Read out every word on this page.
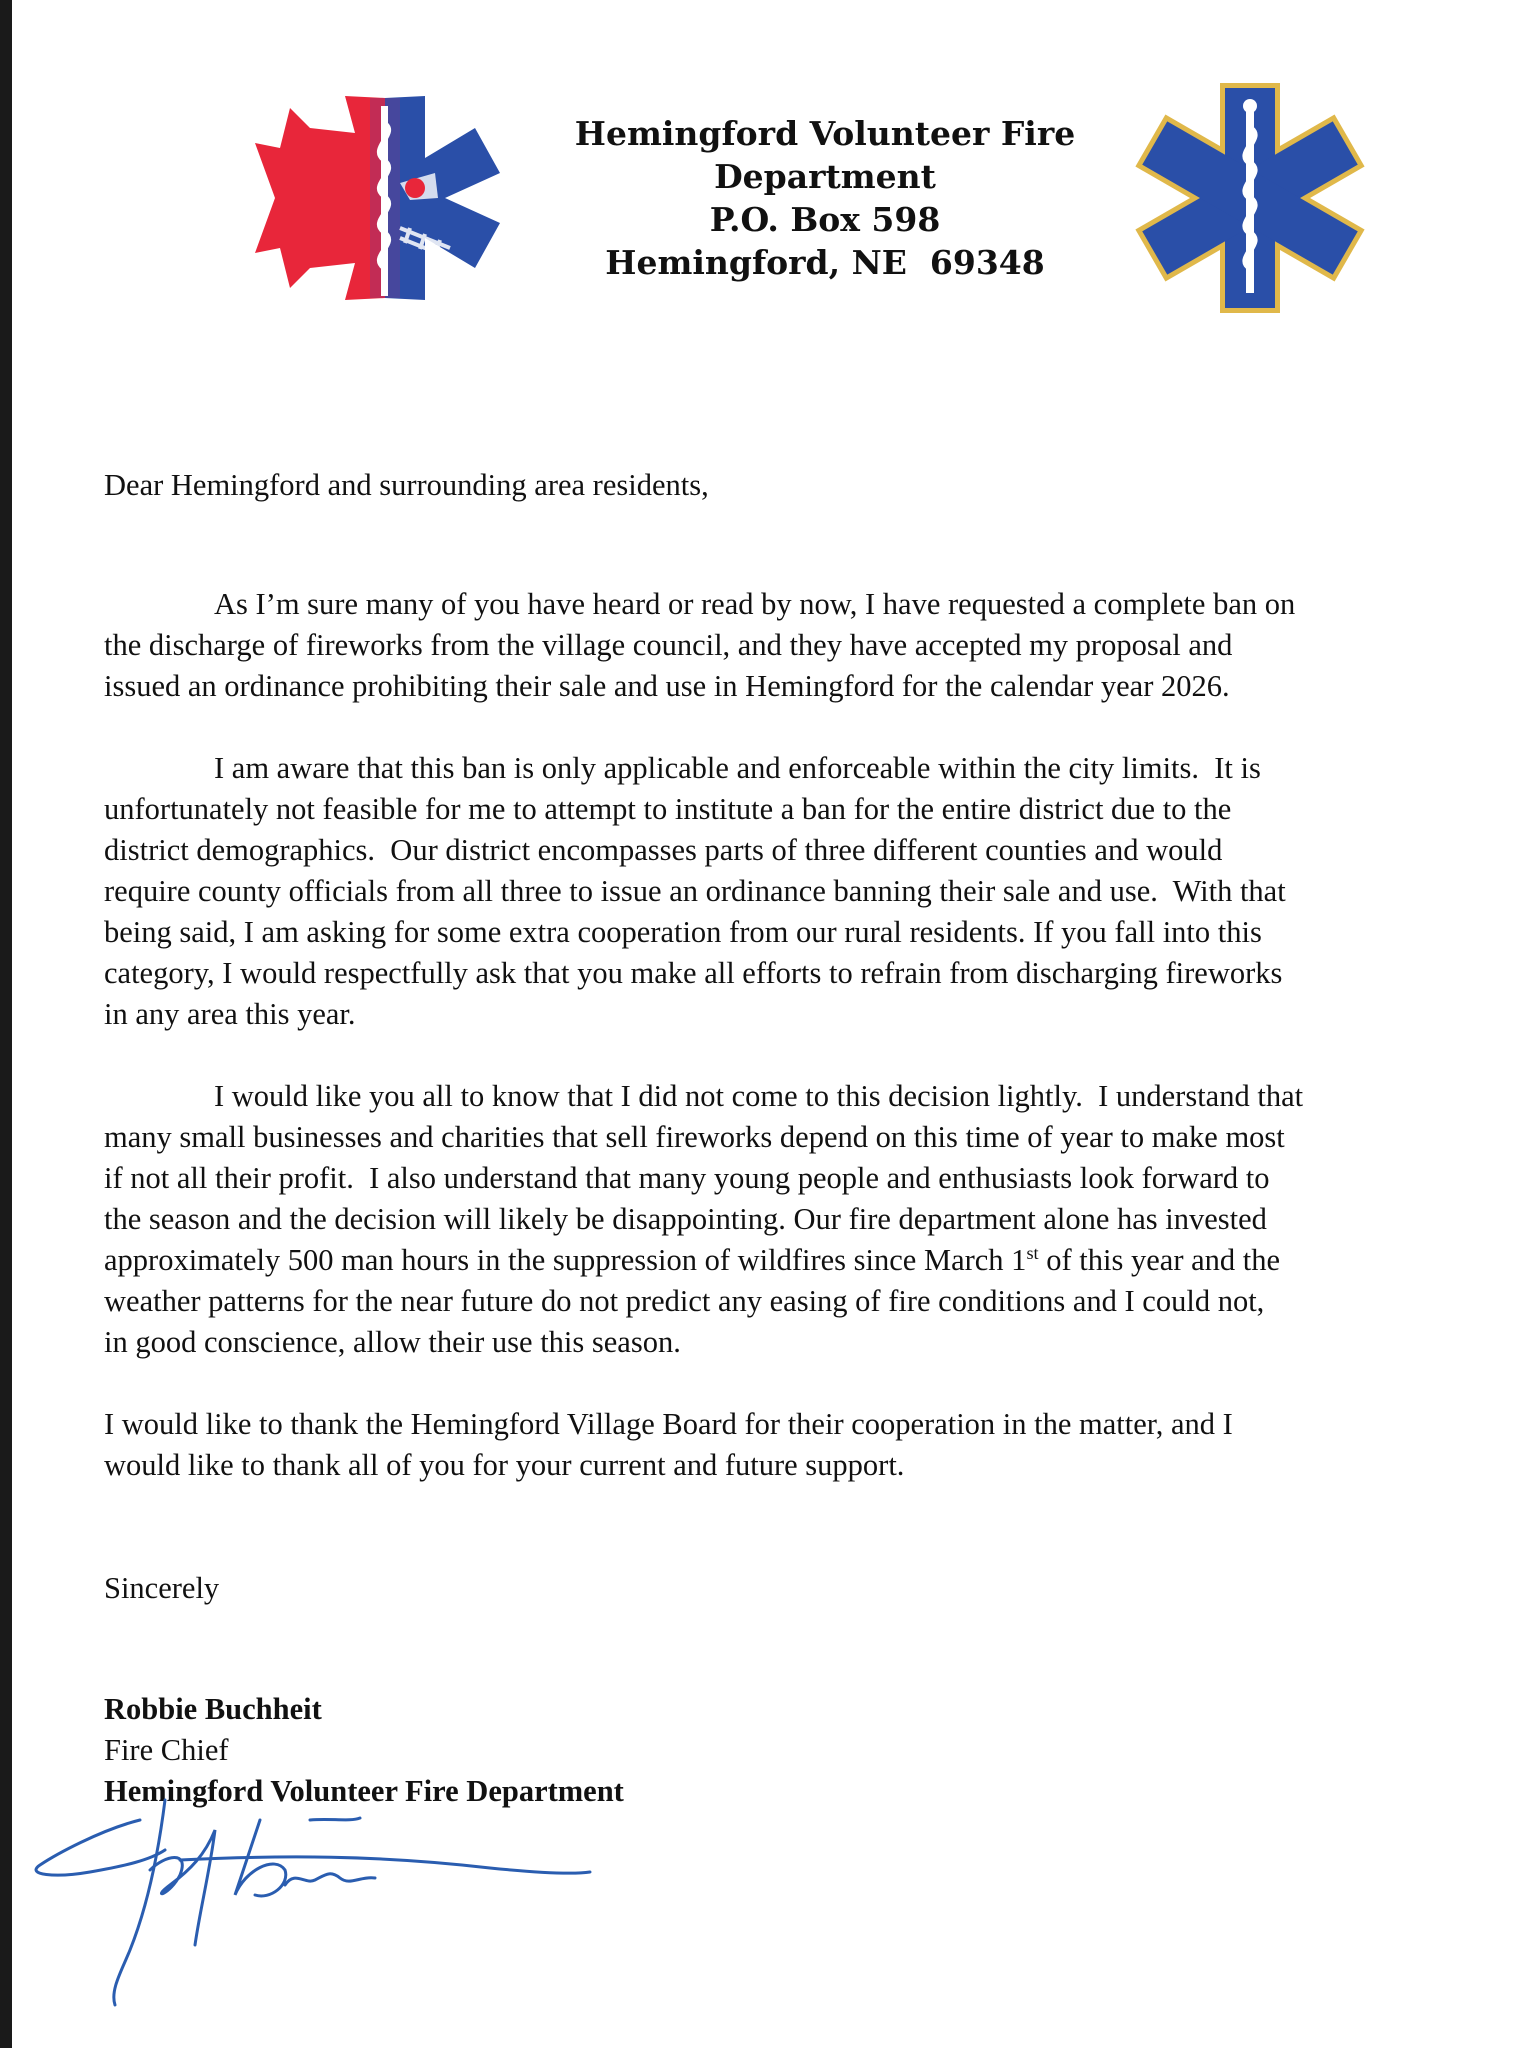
Hemingford Volunteer Fire
Department
P.O. Box 598
Hemingford, NE  69348

Dear Hemingford and surrounding area residents,

As I’m sure many of you have heard or read by now, I have requested a complete ban on
the discharge of fireworks from the village council, and they have accepted my proposal and
issued an ordinance prohibiting their sale and use in Hemingford for the calendar year 2026.

I am aware that this ban is only applicable and enforceable within the city limits.  It is
unfortunately not feasible for me to attempt to institute a ban for the entire district due to the
district demographics.  Our district encompasses parts of three different counties and would
require county officials from all three to issue an ordinance banning their sale and use.  With that
being said, I am asking for some extra cooperation from our rural residents. If you fall into this
category, I would respectfully ask that you make all efforts to refrain from discharging fireworks
in any area this year.

I would like you all to know that I did not come to this decision lightly.  I understand that
many small businesses and charities that sell fireworks depend on this time of year to make most
if not all their profit.  I also understand that many young people and enthusiasts look forward to
the season and the decision will likely be disappointing. Our fire department alone has invested
approximately 500 man hours in the suppression of wildfires since March 1st of this year and the
weather patterns for the near future do not predict any easing of fire conditions and I could not,
in good conscience, allow their use this season.

I would like to thank the Hemingford Village Board for their cooperation in the matter, and I
would like to thank all of you for your current and future support.

Sincerely

Robbie Buchheit
Fire Chief
Hemingford Volunteer Fire Department
